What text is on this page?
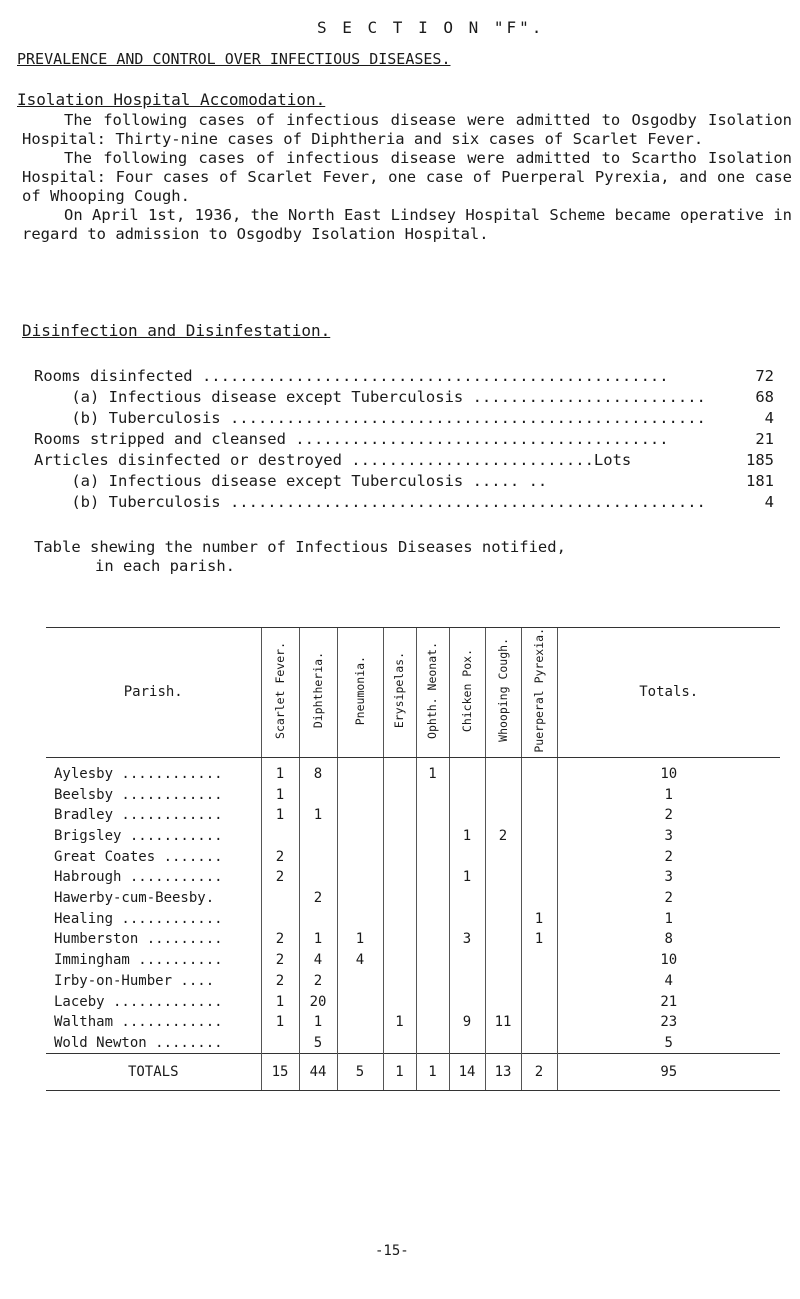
S E C T I O N "F".
PREVALENCE AND CONTROL OVER INFECTIOUS DISEASES.
Isolation Hospital Accomodation.

The following cases of infectious disease were admitted to Osgodby Isolation Hospital: Thirty-nine cases of Diphtheria and six cases of Scarlet Fever.

The following cases of infectious disease were admitted to Scartho Isolation Hospital: Four cases of Scarlet Fever, one case of Puerperal Pyrexia, and one case of Whooping Cough.

On April 1st, 1936, the North East Lindsey Hospital Scheme became operative in regard to admission to Osgodby Isolation Hospital.

Disinfection and Disinfestation.
Rooms disinfected ..................................................	72
(a) Infectious disease except Tuberculosis .........................	68
(b) Tuberculosis ...................................................	4
Rooms stripped and cleansed ........................................	21
Articles disinfected or destroyed ..........................Lots	185
(a) Infectious disease except Tuberculosis ..... ..	181
(b) Tuberculosis ...................................................	4
Table shewing the number of Infectious Diseases notified,
in each parish.
Parish.	Scarlet Fever.	Diphtheria.	Pneumonia.	Erysipelas.	Ophth. Neonat.	Chicken Pox.	Whooping Cough.	Puerperal Pyrexia.	Totals.
Aylesby ............	1	8			1				10
Beelsby ............	1								1
Bradley ............	1	1							2
Brigsley ...........						1	2		3
Great Coates .......	2								2
Habrough ...........	2					1			3
Hawerby-cum-Beesby.		2							2
Healing ............								1	1
Humberston .........	2	1	1			3		1	8
Immingham ..........	2	4	4						10
Irby-on-Humber ....	2	2							4
Laceby .............	1	20							21
Waltham ............	1	1		1		9	11		23
Wold Newton ........		5							5
TOTALS	15	44	5	1	1	14	13	2	95
-15-
